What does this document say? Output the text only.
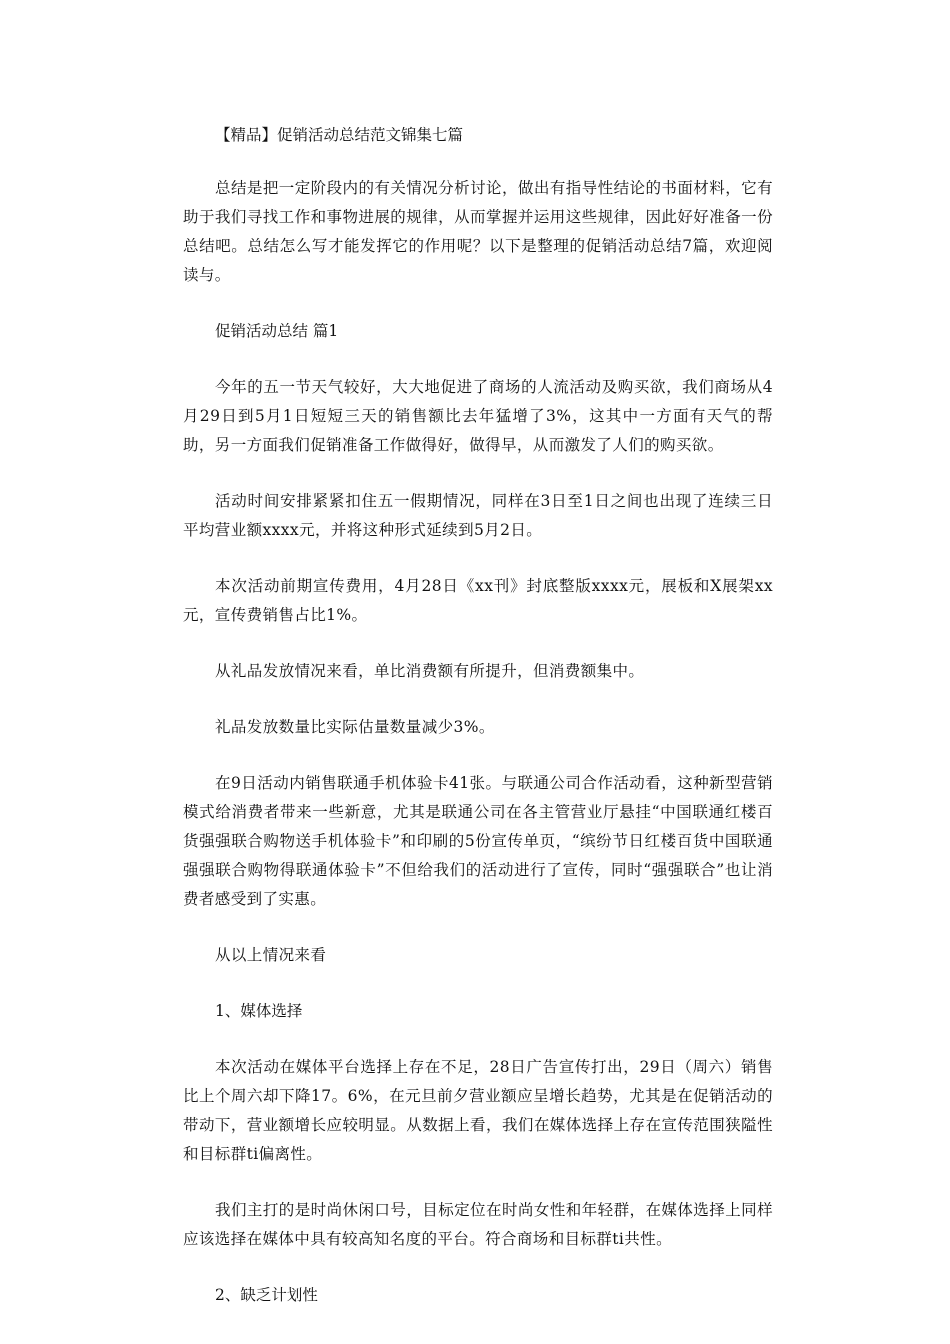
【精品】促销活动总结范文锦集七篇

总结是把一定阶段内的有关情况分析讨论，做出有指导性结论的书面材料，它有助于我们寻找工作和事物进展的规律，从而掌握并运用这些规律，因此好好准备一份总结吧。总结怎么写才能发挥它的作用呢？以下是整理的促销活动总结7篇，欢迎阅读与。

促销活动总结 篇1

今年的五一节天气较好，大大地促进了商场的人流活动及购买欲，我们商场从4月29日到5月1日短短三天的销售额比去年猛增了3%，这其中一方面有天气的帮助，另一方面我们促销准备工作做得好，做得早，从而激发了人们的购买欲。

活动时间安排紧紧扣住五一假期情况，同样在3日至1日之间也出现了连续三日平均营业额xxxx元，并将这种形式延续到5月2日。

本次活动前期宣传费用，4月28日《xx刊》封底整版xxxx元，展板和X展架xx元，宣传费销售占比1%。

从礼品发放情况来看，单比消费额有所提升，但消费额集中。

礼品发放数量比实际估量数量减少3%。

在9日活动内销售联通手机体验卡41张。与联通公司合作活动看，这种新型营销模式给消费者带来一些新意，尤其是联通公司在各主管营业厅悬挂“中国联通红楼百货强强联合购物送手机体验卡”和印刷的5份宣传单页，“缤纷节日红楼百货中国联通强强联合购物得联通体验卡”不但给我们的活动进行了宣传，同时“强强联合”也让消费者感受到了实惠。

从以上情况来看

1、媒体选择

本次活动在媒体平台选择上存在不足，28日广告宣传打出，29日（周六）销售比上个周六却下降17。6%，在元旦前夕营业额应呈增长趋势，尤其是在促销活动的带动下，营业额增长应较明显。从数据上看，我们在媒体选择上存在宣传范围狭隘性和目标群ti偏离性。

我们主打的是时尚休闲口号，目标定位在时尚女性和年轻群，在媒体选择上同样应该选择在媒体中具有较高知名度的平台。符合商场和目标群ti共性。

2、缺乏计划性
